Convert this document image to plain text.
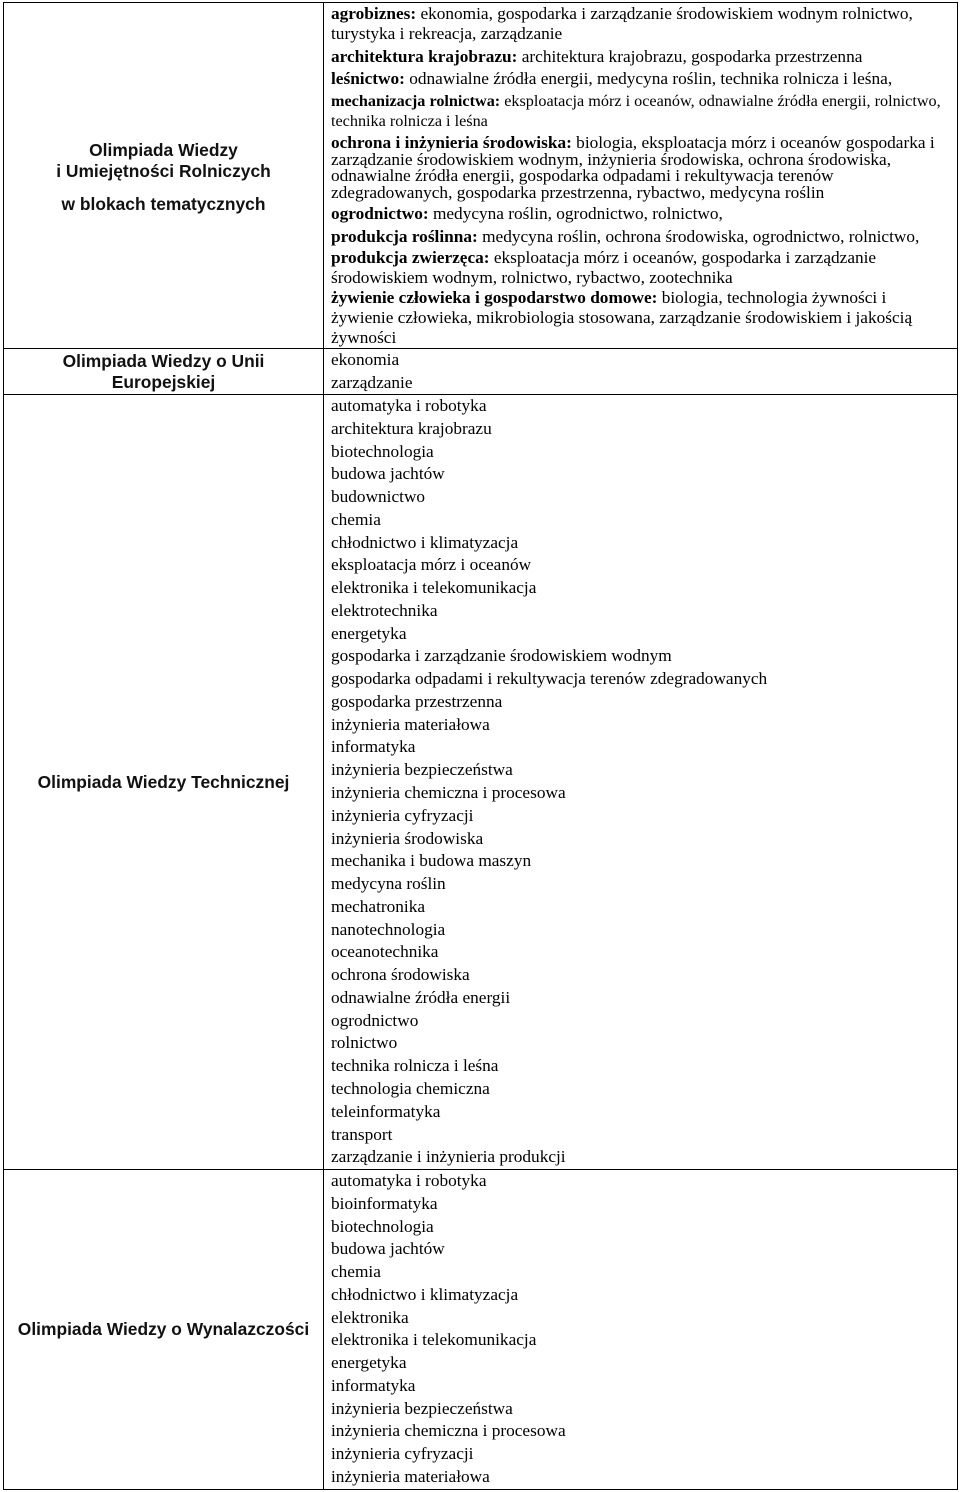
Olimpiada Wiedzy
i Umiejętności Rolniczych
w blokach tematycznych
agrobiznes: ekonomia, gospodarka i zarządzanie środowiskiem wodnym rolnictwo,
turystyka i rekreacja, zarządzanie
architektura krajobrazu: architektura krajobrazu, gospodarka przestrzenna
leśnictwo: odnawialne źródła energii, medycyna roślin, technika rolnicza i leśna,
mechanizacja rolnictwa: eksploatacja mórz i oceanów, odnawialne źródła energii, rolnictwo,
technika rolnicza i leśna
ochrona i inżynieria środowiska: biologia, eksploatacja mórz i oceanów gospodarka i
zarządzanie środowiskiem wodnym, inżynieria środowiska, ochrona środowiska,
odnawialne źródła energii, gospodarka odpadami i rekultywacja terenów
zdegradowanych, gospodarka przestrzenna, rybactwo, medycyna roślin
ogrodnictwo: medycyna roślin, ogrodnictwo, rolnictwo,
produkcja roślinna: medycyna roślin, ochrona środowiska, ogrodnictwo, rolnictwo,
produkcja zwierzęca: eksploatacja mórz i oceanów, gospodarka i zarządzanie
środowiskiem wodnym, rolnictwo, rybactwo, zootechnika
żywienie człowieka i gospodarstwo domowe: biologia, technologia żywności i
żywienie człowieka, mikrobiologia stosowana, zarządzanie środowiskiem i jakością
żywności
Olimpiada Wiedzy o Unii
Europejskiej
ekonomia
zarządzanie
Olimpiada Wiedzy Technicznej
automatyka i robotyka
architektura krajobrazu
biotechnologia
budowa jachtów
budownictwo
chemia
chłodnictwo i klimatyzacja
eksploatacja mórz i oceanów
elektronika i telekomunikacja
elektrotechnika
energetyka
gospodarka i zarządzanie środowiskiem wodnym
gospodarka odpadami i rekultywacja terenów zdegradowanych
gospodarka przestrzenna
inżynieria materiałowa
informatyka
inżynieria bezpieczeństwa
inżynieria chemiczna i procesowa
inżynieria cyfryzacji
inżynieria środowiska
mechanika i budowa maszyn
medycyna roślin
mechatronika
nanotechnologia
oceanotechnika
ochrona środowiska
odnawialne źródła energii
ogrodnictwo
rolnictwo
technika rolnicza i leśna
technologia chemiczna
teleinformatyka
transport
zarządzanie i inżynieria produkcji
Olimpiada Wiedzy o Wynalazczości
automatyka i robotyka
bioinformatyka
biotechnologia
budowa jachtów
chemia
chłodnictwo i klimatyzacja
elektronika
elektronika i telekomunikacja
energetyka
informatyka
inżynieria bezpieczeństwa
inżynieria chemiczna i procesowa
inżynieria cyfryzacji
inżynieria materiałowa
